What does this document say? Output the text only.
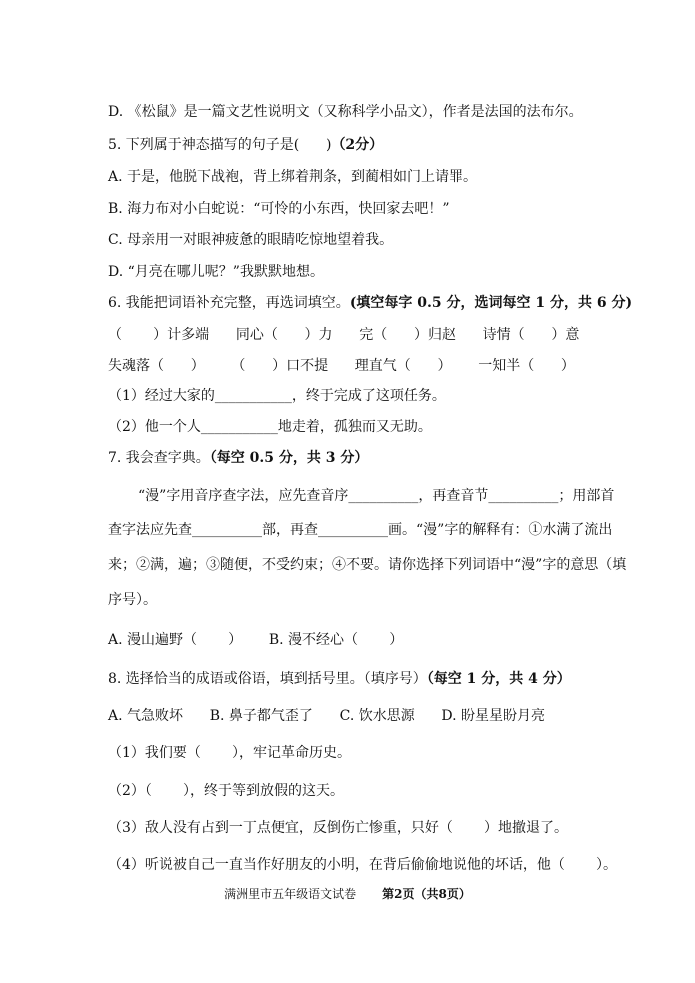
D. 《松鼠》是一篇文艺性说明文（又称科学小品文），作者是法国的法布尔。
5. 下列属于神态描写的句子是(      )（2分）
A. 于是，他脱下战袍，背上绑着荆条，到蔺相如门上请罪。
B. 海力布对小白蛇说：“可怜的小东西，快回家去吧！”
C. 母亲用一对眼神疲惫的眼睛吃惊地望着我。
D. “月亮在哪儿呢？”我默默地想。
6. 我能把词语补充完整，再选词填空。(填空每字 0.5 分，选词每空 1 分，共 6 分)
（       ）计多端      同心（      ）力      完（      ）归赵      诗情（      ）意
失魂落（      ）      （      ）口不提      理直气（      ）      一知半（      ）
（1）经过大家的___________，终于完成了这项任务。
（2）他一个人___________地走着，孤独而又无助。
7. 我会查字典。（每空 0.5 分，共 3 分）
“漫”字用音序查字法，应先查音序__________，再查音节__________；用部首
查字法应先查__________部，再查__________画。“漫”字的解释有：①水满了流出
来；②满，遍；③随便，不受约束；④不要。请你选择下列词语中“漫”字的意思（填
序号）。
A. 漫山遍野（       ）      B. 漫不经心（       ）
8. 选择恰当的成语或俗语，填到括号里。（填序号）（每空 1 分，共 4 分）
A. 气急败坏      B. 鼻子都气歪了      C. 饮水思源      D. 盼星星盼月亮
（1）我们要（       ），牢记革命历史。
（2）（       ），终于等到放假的这天。
（3）敌人没有占到一丁点便宜，反倒伤亡惨重，只好（       ）地撤退了。
（4）听说被自己一直当作好朋友的小明，在背后偷偷地说他的坏话，他（       ）。
满洲里市五年级语文试卷 第2页（共8页）
